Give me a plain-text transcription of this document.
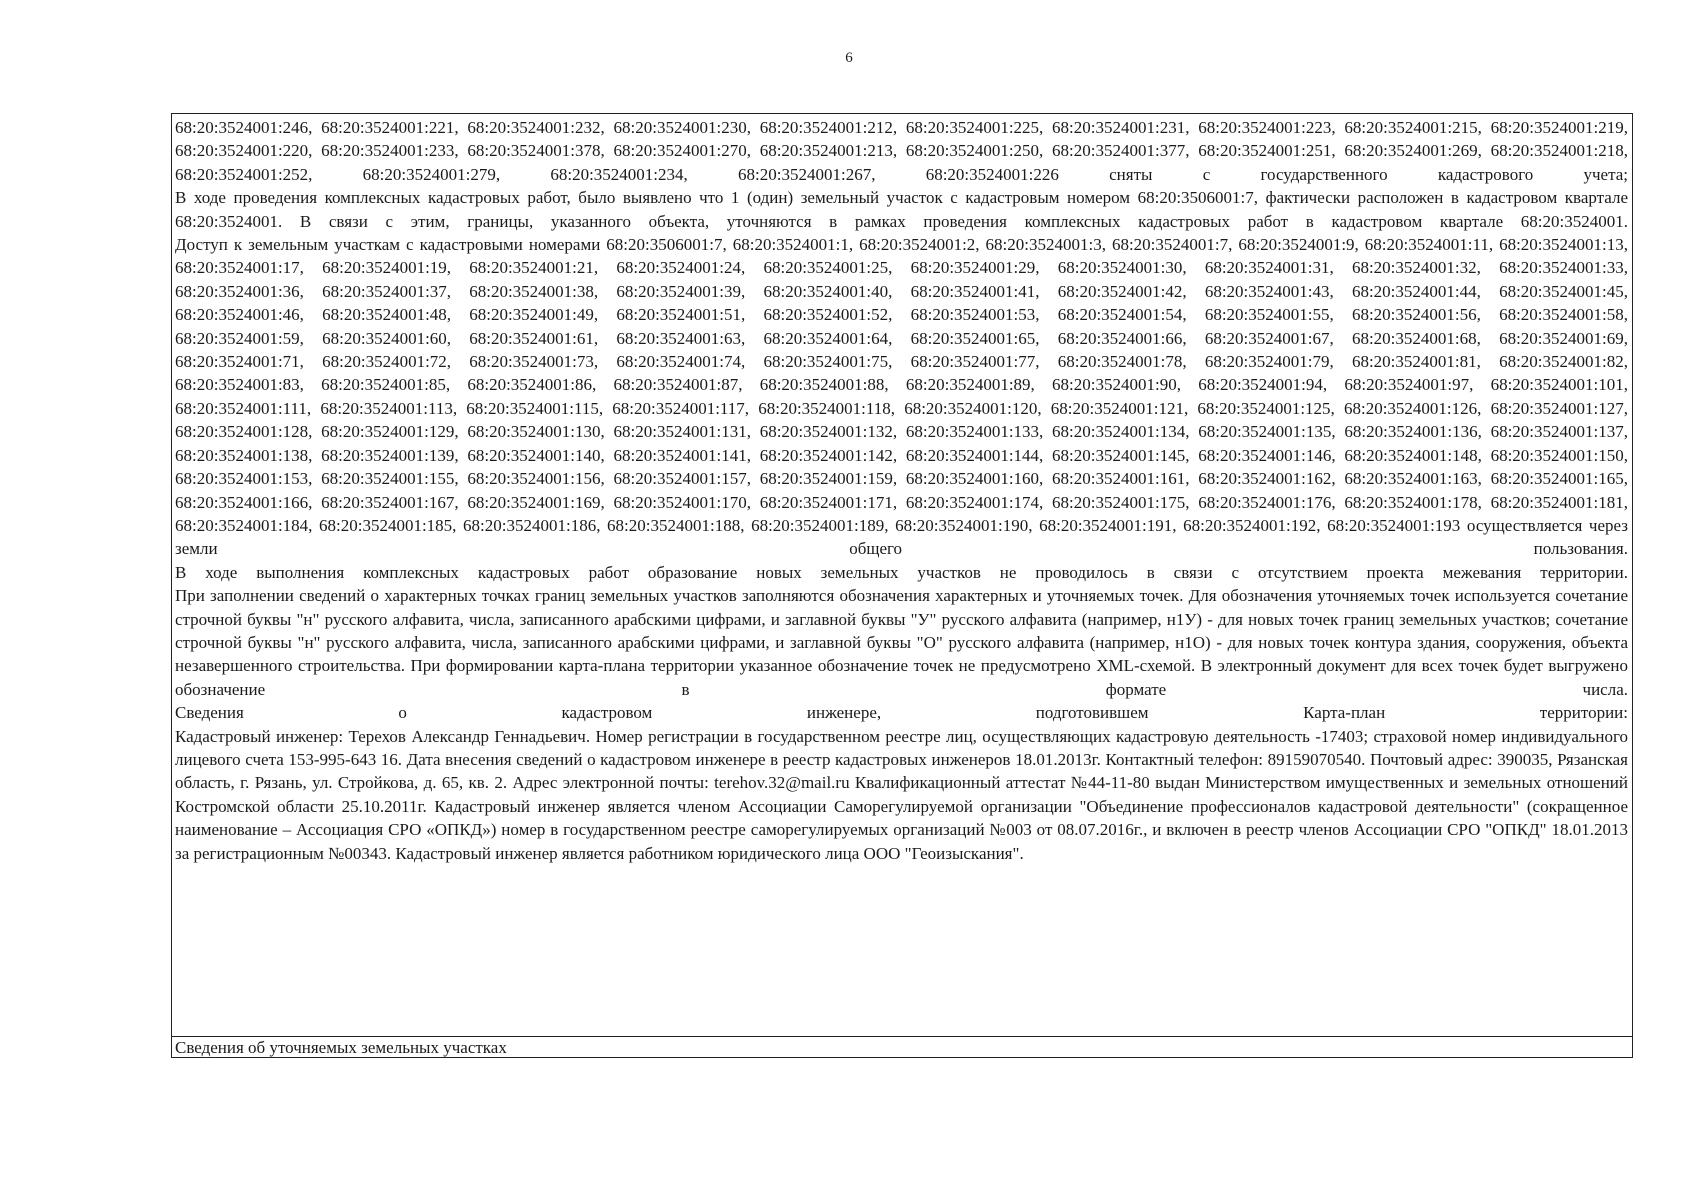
6

68:20:3524001:246, 68:20:3524001:221, 68:20:3524001:232, 68:20:3524001:230, 68:20:3524001:212, 68:20:3524001:225, 68:20:3524001:231, 68:20:3524001:223, 68:20:3524001:215, 68:20:3524001:219, 68:20:3524001:220, 68:20:3524001:233, 68:20:3524001:378, 68:20:3524001:270, 68:20:3524001:213, 68:20:3524001:250, 68:20:3524001:377, 68:20:3524001:251, 68:20:3524001:269, 68:20:3524001:218, 68:20:3524001:252, 68:20:3524001:279, 68:20:3524001:234, 68:20:3524001:267, 68:20:3524001:226 сняты с государственного кадастрового учета;

В ходе проведения комплексных кадастровых работ, было выявлено что 1 (один) земельный участок с кадастровым номером 68:20:3506001:7, фактически расположен в кадастровом квартале 68:20:3524001. В связи с этим, границы, указанного объекта, уточняются в рамках проведения комплексных кадастровых работ в кадастровом квартале 68:20:3524001.

Доступ к земельным участкам с кадастровыми номерами 68:20:3506001:7, 68:20:3524001:1, 68:20:3524001:2, 68:20:3524001:3, 68:20:3524001:7, 68:20:3524001:9, 68:20:3524001:11, 68:20:3524001:13, 68:20:3524001:17, 68:20:3524001:19, 68:20:3524001:21, 68:20:3524001:24, 68:20:3524001:25, 68:20:3524001:29, 68:20:3524001:30, 68:20:3524001:31, 68:20:3524001:32, 68:20:3524001:33, 68:20:3524001:36, 68:20:3524001:37, 68:20:3524001:38, 68:20:3524001:39, 68:20:3524001:40, 68:20:3524001:41, 68:20:3524001:42, 68:20:3524001:43, 68:20:3524001:44, 68:20:3524001:45, 68:20:3524001:46, 68:20:3524001:48, 68:20:3524001:49, 68:20:3524001:51, 68:20:3524001:52, 68:20:3524001:53, 68:20:3524001:54, 68:20:3524001:55, 68:20:3524001:56, 68:20:3524001:58, 68:20:3524001:59, 68:20:3524001:60, 68:20:3524001:61, 68:20:3524001:63, 68:20:3524001:64, 68:20:3524001:65, 68:20:3524001:66, 68:20:3524001:67, 68:20:3524001:68, 68:20:3524001:69, 68:20:3524001:71, 68:20:3524001:72, 68:20:3524001:73, 68:20:3524001:74, 68:20:3524001:75, 68:20:3524001:77, 68:20:3524001:78, 68:20:3524001:79, 68:20:3524001:81, 68:20:3524001:82, 68:20:3524001:83, 68:20:3524001:85, 68:20:3524001:86, 68:20:3524001:87, 68:20:3524001:88, 68:20:3524001:89, 68:20:3524001:90, 68:20:3524001:94, 68:20:3524001:97, 68:20:3524001:101, 68:20:3524001:111, 68:20:3524001:113, 68:20:3524001:115, 68:20:3524001:117, 68:20:3524001:118, 68:20:3524001:120, 68:20:3524001:121, 68:20:3524001:125, 68:20:3524001:126, 68:20:3524001:127, 68:20:3524001:128, 68:20:3524001:129, 68:20:3524001:130, 68:20:3524001:131, 68:20:3524001:132, 68:20:3524001:133, 68:20:3524001:134, 68:20:3524001:135, 68:20:3524001:136, 68:20:3524001:137, 68:20:3524001:138, 68:20:3524001:139, 68:20:3524001:140, 68:20:3524001:141, 68:20:3524001:142, 68:20:3524001:144, 68:20:3524001:145, 68:20:3524001:146, 68:20:3524001:148, 68:20:3524001:150, 68:20:3524001:153, 68:20:3524001:155, 68:20:3524001:156, 68:20:3524001:157, 68:20:3524001:159, 68:20:3524001:160, 68:20:3524001:161, 68:20:3524001:162, 68:20:3524001:163, 68:20:3524001:165, 68:20:3524001:166, 68:20:3524001:167, 68:20:3524001:169, 68:20:3524001:170, 68:20:3524001:171, 68:20:3524001:174, 68:20:3524001:175, 68:20:3524001:176, 68:20:3524001:178, 68:20:3524001:181, 68:20:3524001:184, 68:20:3524001:185, 68:20:3524001:186, 68:20:3524001:188, 68:20:3524001:189, 68:20:3524001:190, 68:20:3524001:191, 68:20:3524001:192, 68:20:3524001:193 осуществляется через земли общего пользования.

В ходе выполнения комплексных кадастровых работ образование новых земельных участков не проводилось в связи с отсутствием проекта межевания территории.

При заполнении сведений о характерных точках границ земельных участков заполняются обозначения характерных и уточняемых точек. Для обозначения уточняемых точек используется сочетание строчной буквы "н" русского алфавита, числа, записанного арабскими цифрами, и заглавной буквы "У" русского алфавита (например, н1У) - для новых точек границ земельных участков; сочетание строчной буквы "н" русского алфавита, числа, записанного арабскими цифрами, и заглавной буквы "О" русского алфавита (например, н1О) - для новых точек контура здания, сооружения, объекта незавершенного строительства. При формировании карта-плана территории указанное обозначение точек не предусмотрено XML-схемой. В электронный документ для всех точек будет выгружено обозначение в формате числа.

Сведения о кадастровом инженере, подготовившем Карта-план территории:

Кадастровый инженер: Терехов Александр Геннадьевич. Номер регистрации в государственном реестре лиц, осуществляющих кадастровую деятельность -17403; страховой номер индивидуального лицевого счета 153-995-643 16. Дата внесения сведений о кадастровом инженере в реестр кадастровых инженеров 18.01.2013г. Контактный телефон: 89159070540. Почтовый адрес: 390035, Рязанская область, г. Рязань, ул. Стройкова, д. 65, кв. 2. Адрес электронной почты: terehov.32@mail.ru Квалификационный аттестат №44-11-80 выдан Министерством имущественных и земельных отношений Костромской области 25.10.2011г. Кадастровый инженер является членом Ассоциации Саморегулируемой организации "Объединение профессионалов кадастровой деятельности" (сокращенное наименование – Ассоциация СРО «ОПКД») номер в государственном реестре саморегулируемых организаций №003 от 08.07.2016г., и включен в реестр членов Ассоциации СРО "ОПКД" 18.01.2013 за регистрационным №00343. Кадастровый инженер является работником юридического лица ООО "Геоизыскания".

Сведения об уточняемых земельных участках
